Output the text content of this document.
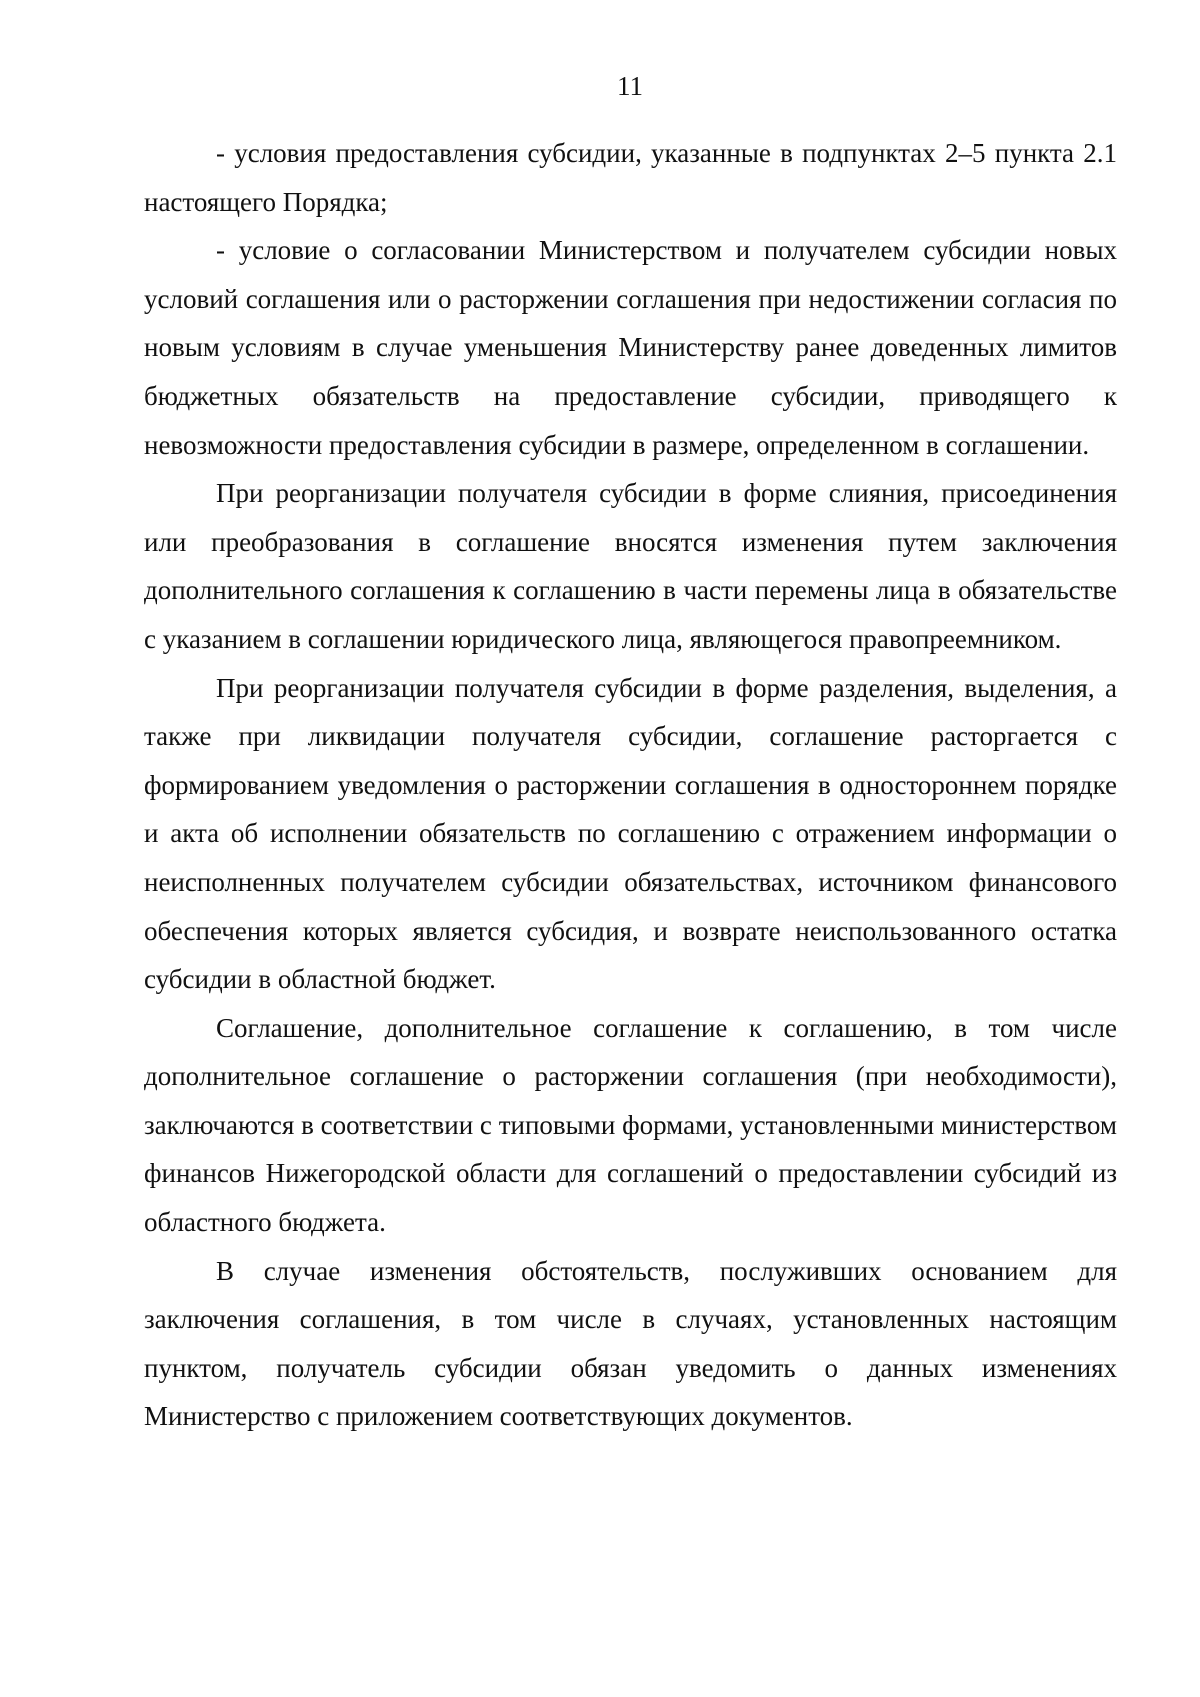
11

- условия предоставления субсидии, указанные в подпунктах 2–5 пункта 2.1 настоящего Порядка;

- условие о согласовании Министерством и получателем субсидии новых условий соглашения или о расторжении соглашения при недостижении согласия по новым условиям в случае уменьшения Министерству ранее доведенных лимитов бюджетных обязательств на предоставление субсидии, приводящего к невозможности предоставления субсидии в размере, определенном в соглашении.

При реорганизации получателя субсидии в форме слияния, присоединения или преобразования в соглашение вносятся изменения путем заключения дополнительного соглашения к соглашению в части перемены лица в обязательстве с указанием в соглашении юридического лица, являющегося правопреемником.

При реорганизации получателя субсидии в форме разделения, выделения, а также при ликвидации получателя субсидии, соглашение расторгается с формированием уведомления о расторжении соглашения в одностороннем порядке и акта об исполнении обязательств по соглашению с отражением информации о неисполненных получателем субсидии обязательствах, источником финансового обеспечения которых является субсидия, и возврате неиспользованного остатка субсидии в областной бюджет.

Соглашение, дополнительное соглашение к соглашению, в том числе дополнительное соглашение о расторжении соглашения (при необходимости), заключаются в соответствии с типовыми формами, установленными министерством финансов Нижегородской области для соглашений о предоставлении субсидий из областного бюджета.

В случае изменения обстоятельств, послуживших основанием для заключения соглашения, в том числе в случаях, установленных настоящим пунктом, получатель субсидии обязан уведомить о данных изменениях Министерство с приложением соответствующих документов.
